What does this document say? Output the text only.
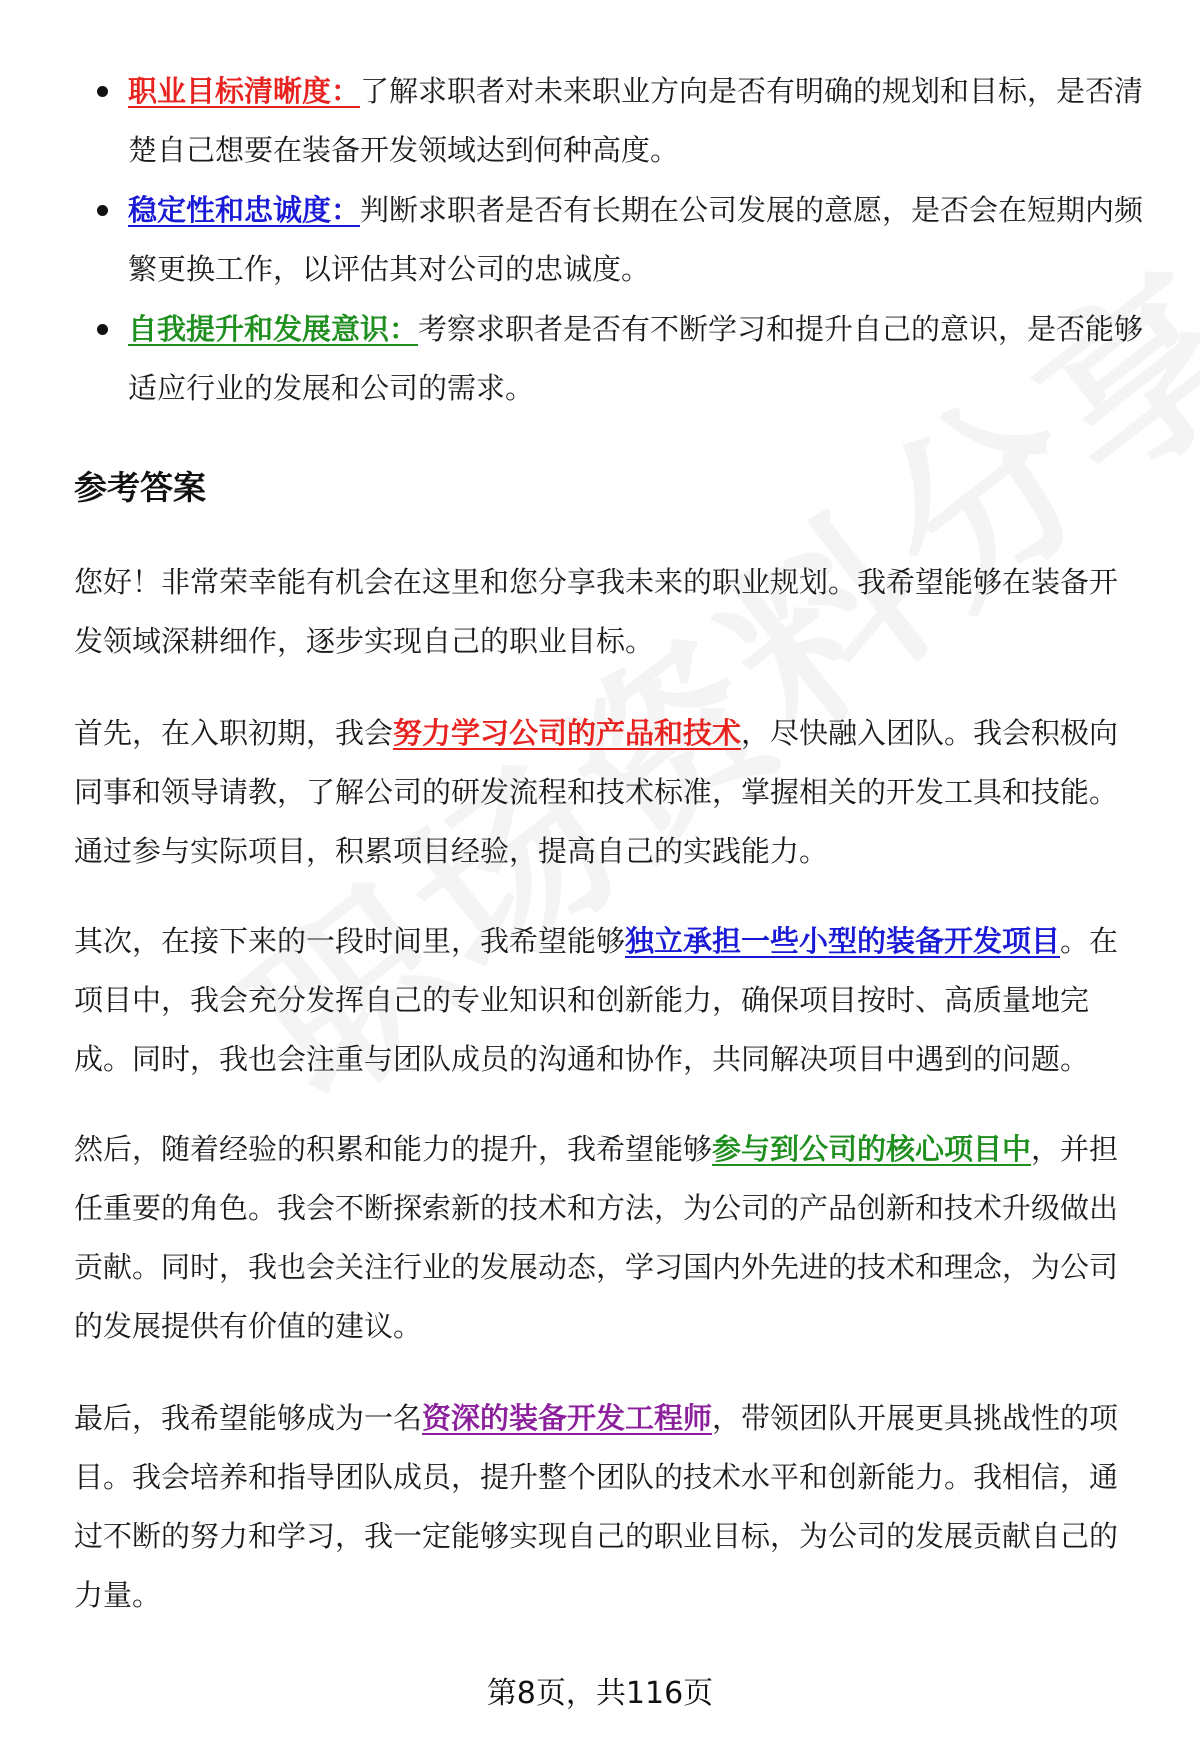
职业目标清晰度：了解求职者对未来职业方向是否有明确的规划和目标，是否清楚自己想要在装备开发领域达到何种高度。
稳定性和忠诚度：判断求职者是否有长期在公司发展的意愿，是否会在短期内频繁更换工作，以评估其对公司的忠诚度。
自我提升和发展意识：考察求职者是否有不断学习和提升自己的意识，是否能够适应行业的发展和公司的需求。
参考答案

您好！非常荣幸能有机会在这里和您分享我未来的职业规划。我希望能够在装备开发领域深耕细作，逐步实现自己的职业目标。

首先，在入职初期，我会努力学习公司的产品和技术，尽快融入团队。我会积极向同事和领导请教，了解公司的研发流程和技术标准，掌握相关的开发工具和技能。通过参与实际项目，积累项目经验，提高自己的实践能力。

其次，在接下来的一段时间里，我希望能够独立承担一些小型的装备开发项目。在项目中，我会充分发挥自己的专业知识和创新能力，确保项目按时、高质量地完成。同时，我也会注重与团队成员的沟通和协作，共同解决项目中遇到的问题。

然后，随着经验的积累和能力的提升，我希望能够参与到公司的核心项目中，并担任重要的角色。我会不断探索新的技术和方法，为公司的产品创新和技术升级做出贡献。同时，我也会关注行业的发展动态，学习国内外先进的技术和理念，为公司的发展提供有价值的建议。

最后，我希望能够成为一名资深的装备开发工程师，带领团队开展更具挑战性的项目。我会培养和指导团队成员，提升整个团队的技术水平和创新能力。我相信，通过不断的努力和学习，我一定能够实现自己的职业目标，为公司的发展贡献自己的力量。

第8页，共116页
